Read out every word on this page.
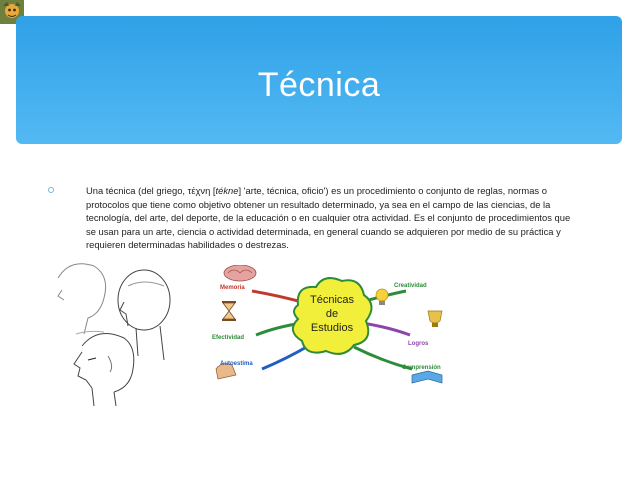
Técnica

Una técnica (del griego, τέχνη [tékne] 'arte, técnica, oficio') es un procedimiento o conjunto de reglas, normas o protocolos que tiene como objetivo obtener un resultado determinado, ya sea en el campo de las ciencias, de la tecnología, del arte, del deporte, de la educación o en cualquier otra actividad. Es el conjunto de procedimientos que se usan para un arte, ciencia o actividad determinada, en general cuando se adquieren por medio de su práctica y requieren determinadas habilidades o destrezas.

Memoria
Efectividad
Autoestima
Creatividad
Logros
Comprensión
Técnicas
de
Estudios
